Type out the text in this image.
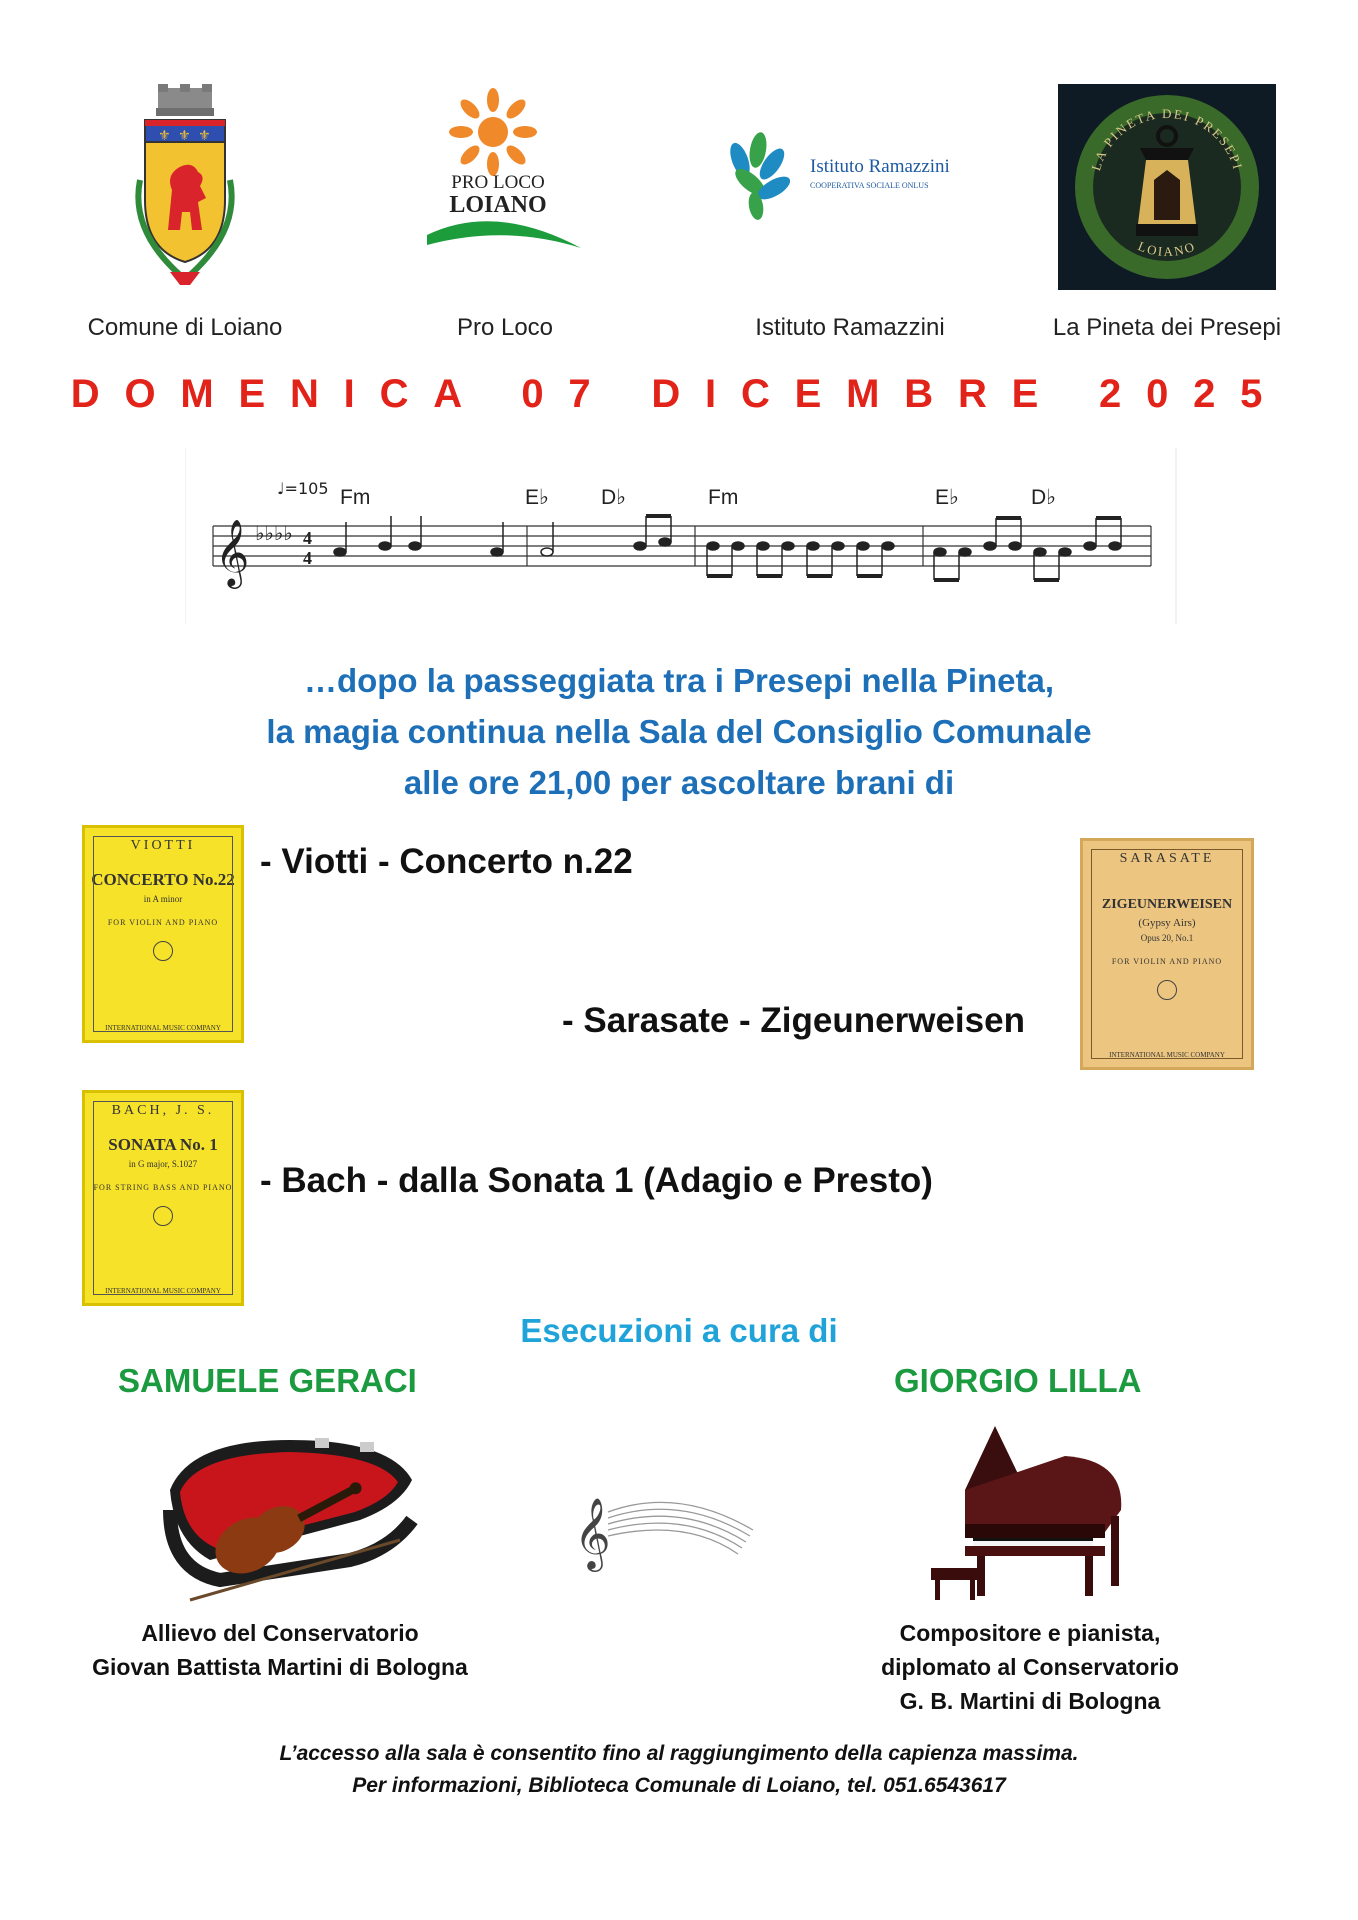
⚜ ⚜ ⚜
Comune di Loiano
PRO LOCO
LOIANO
Pro Loco
Istituto Ramazzini
COOPERATIVA SOCIALE ONLUS
Istituto Ramazzini
LA PINETA DEI PRESEPI
LOIANO
La Pineta dei Presepi
DOMENICA 07 DICEMBRE 2025
♩=105 Fm	E♭ D♭	Fm	E♭	D♭
𝄞 ♭♭♭♭ 4
4
…dopo la passeggiata tra i Presepi nella Pineta,
la magia continua nella Sala del Consiglio Comunale
alle ore 21,00 per ascoltare brani di
VIOTTI
CONCERTO No.22
in A minor
FOR VIOLIN AND PIANO
INTERNATIONAL MUSIC COMPANY
- Viotti - Concerto n.22	SARASATE
ZIGEUNERWEISEN
(Gypsy Airs)
Opus 20, No.1
FOR VIOLIN AND PIANO
INTERNATIONAL MUSIC COMPANY
- Sarasate - Zigeunerweisen
BACH, J. S.
SONATA No. 1
in G major, S.1027
FOR STRING BASS AND PIANO
INTERNATIONAL MUSIC COMPANY
- Bach - dalla Sonata 1 (Adagio e Presto)
Esecuzioni a cura di
SAMUELE GERACI	GIORGIO LILLA
𝄞
Allievo del Conservatorio
Giovan Battista Martini di Bologna
Compositore e pianista,
diplomato al Conservatorio
G. B. Martini di Bologna
L’accesso alla sala è consentito fino al raggiungimento della capienza massima.
Per informazioni, Biblioteca Comunale di Loiano, tel. 051.6543617
